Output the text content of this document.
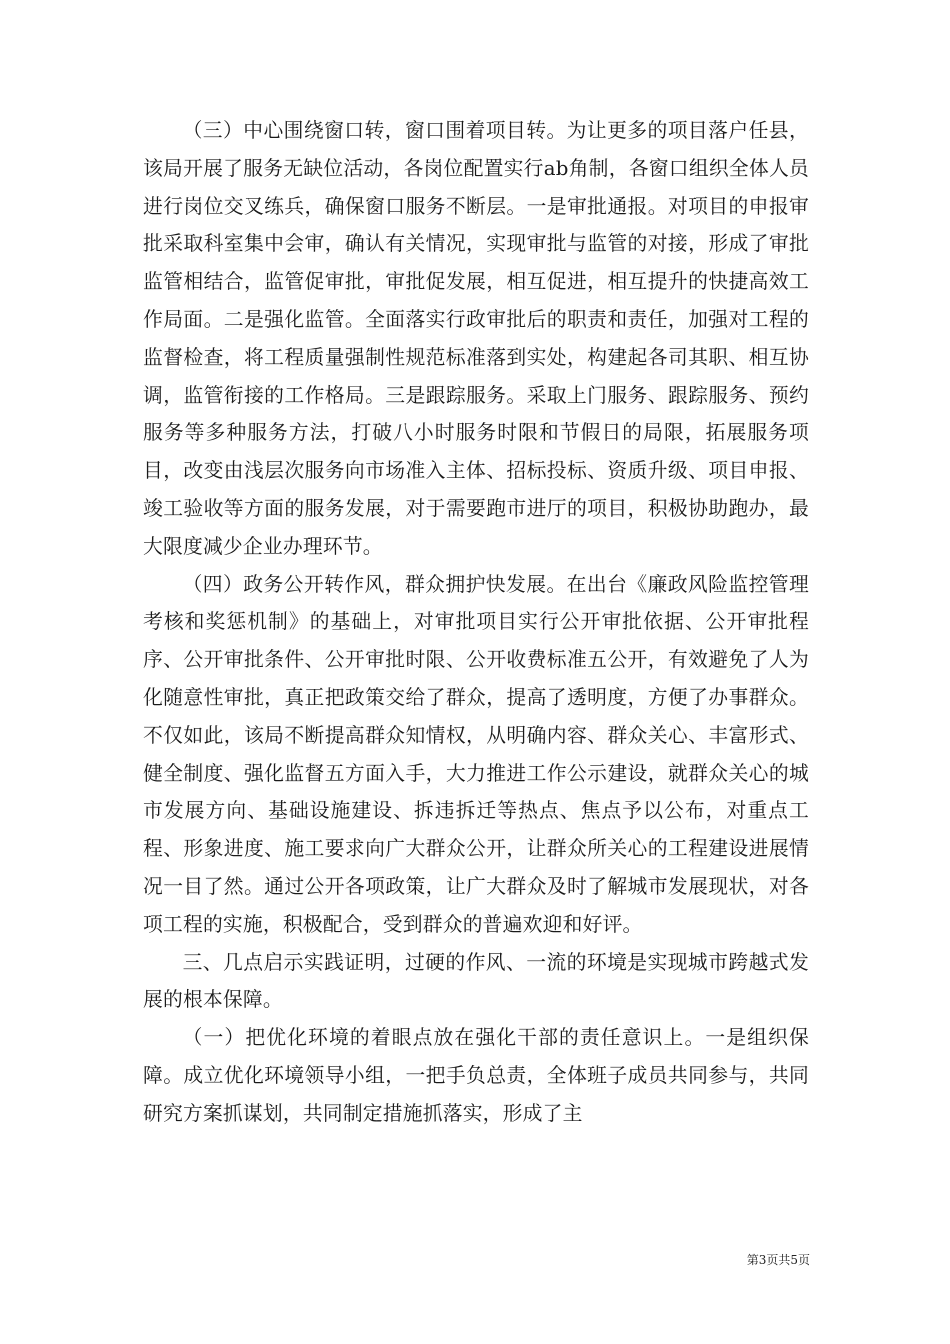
（三）中心围绕窗口转，窗口围着项目转。为让更多的项目落户任县，该局开展了服务无缺位活动，各岗位配置实行ab角制，各窗口组织全体人员进行岗位交叉练兵，确保窗口服务不断层。一是审批通报。对项目的申报审批采取科室集中会审，确认有关情况，实现审批与监管的对接，形成了审批监管相结合，监管促审批，审批促发展，相互促进，相互提升的快捷高效工作局面。二是强化监管。全面落实行政审批后的职责和责任，加强对工程的监督检查，将工程质量强制性规范标准落到实处，构建起各司其职、相互协调，监管衔接的工作格局。三是跟踪服务。采取上门服务、跟踪服务、预约服务等多种服务方法，打破八小时服务时限和节假日的局限，拓展服务项目，改变由浅层次服务向市场准入主体、招标投标、资质升级、项目申报、竣工验收等方面的服务发展，对于需要跑市进厅的项目，积极协助跑办，最大限度减少企业办理环节。

（四）政务公开转作风，群众拥护快发展。在出台《廉政风险监控管理考核和奖惩机制》的基础上，对审批项目实行公开审批依据、公开审批程序、公开审批条件、公开审批时限、公开收费标准五公开，有效避免了人为化随意性审批，真正把政策交给了群众，提高了透明度，方便了办事群众。不仅如此，该局不断提高群众知情权，从明确内容、群众关心、丰富形式、健全制度、强化监督五方面入手，大力推进工作公示建设，就群众关心的城市发展方向、基础设施建设、拆违拆迁等热点、焦点予以公布，对重点工程、形象进度、施工要求向广大群众公开，让群众所关心的工程建设进展情况一目了然。通过公开各项政策，让广大群众及时了解城市发展现状，对各项工程的实施，积极配合，受到群众的普遍欢迎和好评。

三、几点启示实践证明，过硬的作风、一流的环境是实现城市跨越式发展的根本保障。

（一）把优化环境的着眼点放在强化干部的责任意识上。一是组织保障。成立优化环境领导小组，一把手负总责，全体班子成员共同参与，共同研究方案抓谋划，共同制定措施抓落实，形成了主

第3页共5页
